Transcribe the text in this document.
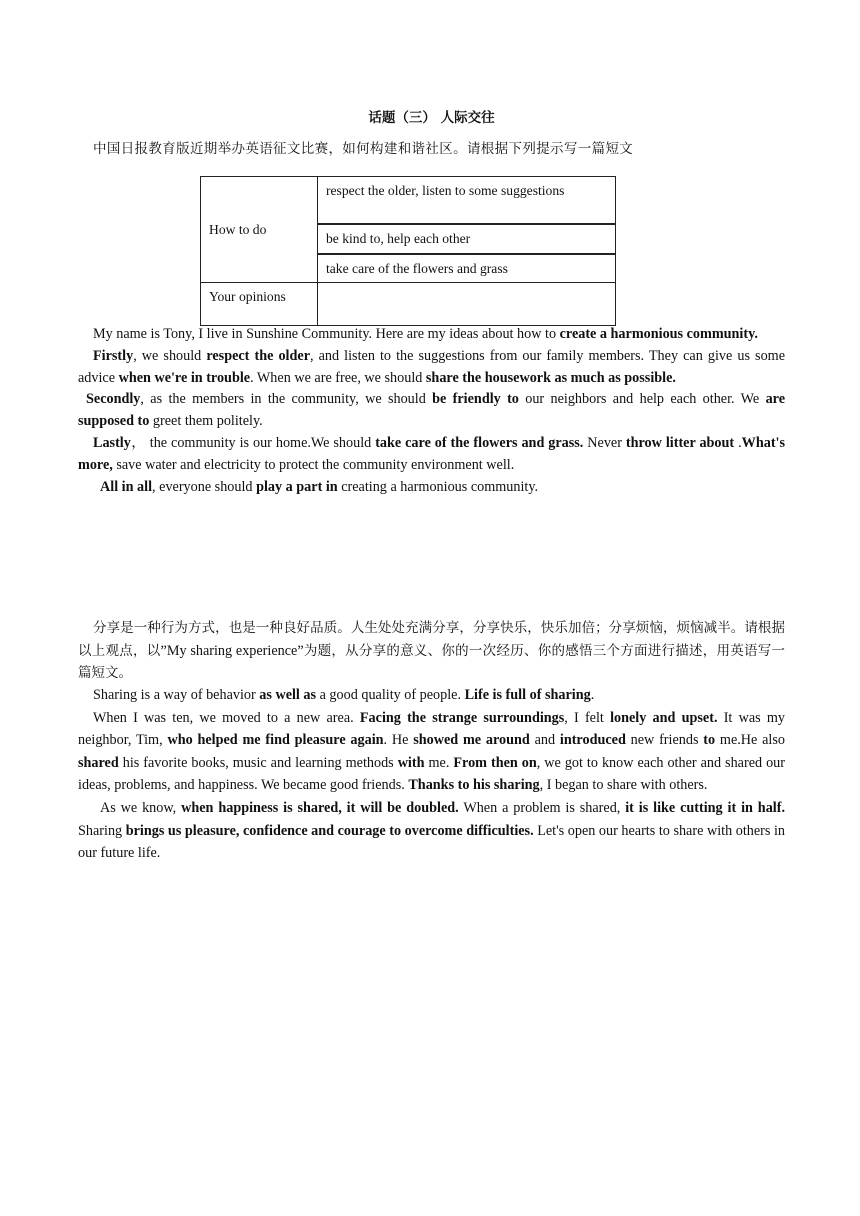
话题（三） 人际交往
中国日报教育版近期举办英语征文比赛，如何构建和谐社区。请根据下列提示写一篇短文
How to do	respect the older, listen to some suggestions
	be kind to, help each other
	take care of the flowers and grass
Your opinions	

My name is Tony, I live in Sunshine Community. Here are my ideas about how to create a harmonious community.

Firstly, we should respect the older, and listen to the suggestions from our family members. They can give us some advice when we're in trouble. When we are free, we should share the housework as much as possible.

Secondly, as the members in the community, we should be friendly to our neighbors and help each other. We are supposed to greet them politely.

Lastly， the community is our home.We should take care of the flowers and grass. Never throw litter about .What's more, save water and electricity to protect the community environment well.

All in all, everyone should play a part in creating a harmonious community.

分享是一种行为方式，也是一种良好品质。人生处处充满分享，分享快乐，快乐加倍；分享烦恼，烦恼减半。请根据以上观点，以”My sharing experience”为题，从分享的意义、你的一次经历、你的感悟三个方面进行描述，用英语写一篇短文。

Sharing is a way of behavior as well as a good quality of people. Life is full of sharing.

When I was ten, we moved to a new area. Facing the strange surroundings, I felt lonely and upset. It was my neighbor, Tim, who helped me find pleasure again. He showed me around and introduced new friends to me.He also shared his favorite books, music and learning methods with me. From then on, we got to know each other and shared our ideas, problems, and happiness. We became good friends. Thanks to his sharing, I began to share with others.

As we know, when happiness is shared, it will be doubled. When a problem is shared, it is like cutting it in half. Sharing brings us pleasure, confidence and courage to overcome difficulties. Let's open our hearts to share with others in our future life.
